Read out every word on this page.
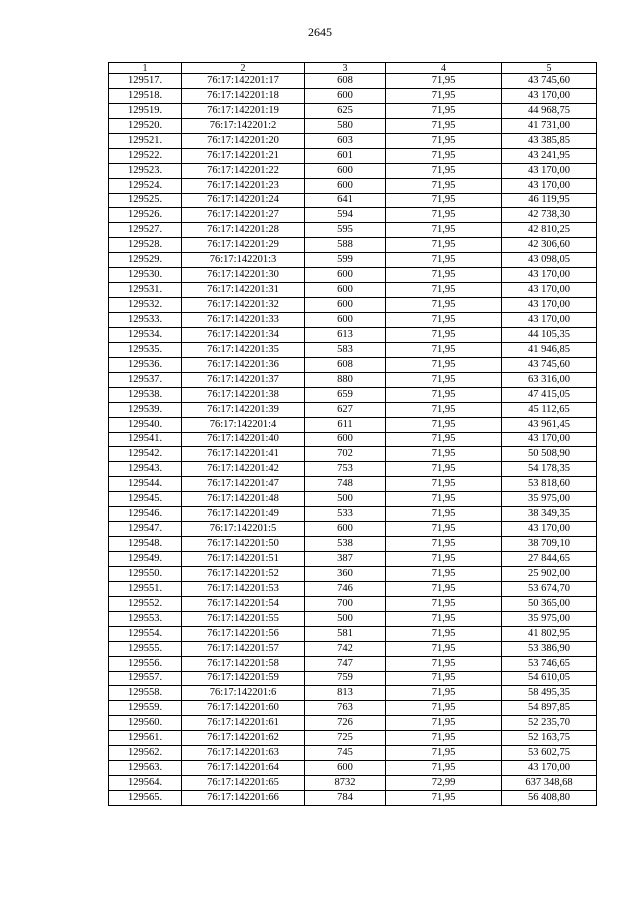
2645
1	2	3	4	5
129517.	76:17:142201:17	608	71,95	43 745,60
129518.	76:17:142201:18	600	71,95	43 170,00
129519.	76:17:142201:19	625	71,95	44 968,75
129520.	76:17:142201:2	580	71,95	41 731,00
129521.	76:17:142201:20	603	71,95	43 385,85
129522.	76:17:142201:21	601	71,95	43 241,95
129523.	76:17:142201:22	600	71,95	43 170,00
129524.	76:17:142201:23	600	71,95	43 170,00
129525.	76:17:142201:24	641	71,95	46 119,95
129526.	76:17:142201:27	594	71,95	42 738,30
129527.	76:17:142201:28	595	71,95	42 810,25
129528.	76:17:142201:29	588	71,95	42 306,60
129529.	76:17:142201:3	599	71,95	43 098,05
129530.	76:17:142201:30	600	71,95	43 170,00
129531.	76:17:142201:31	600	71,95	43 170,00
129532.	76:17:142201:32	600	71,95	43 170,00
129533.	76:17:142201:33	600	71,95	43 170,00
129534.	76:17:142201:34	613	71,95	44 105,35
129535.	76:17:142201:35	583	71,95	41 946,85
129536.	76:17:142201:36	608	71,95	43 745,60
129537.	76:17:142201:37	880	71,95	63 316,00
129538.	76:17:142201:38	659	71,95	47 415,05
129539.	76:17:142201:39	627	71,95	45 112,65
129540.	76:17:142201:4	611	71,95	43 961,45
129541.	76:17:142201:40	600	71,95	43 170,00
129542.	76:17:142201:41	702	71,95	50 508,90
129543.	76:17:142201:42	753	71,95	54 178,35
129544.	76:17:142201:47	748	71,95	53 818,60
129545.	76:17:142201:48	500	71,95	35 975,00
129546.	76:17:142201:49	533	71,95	38 349,35
129547.	76:17:142201:5	600	71,95	43 170,00
129548.	76:17:142201:50	538	71,95	38 709,10
129549.	76:17:142201:51	387	71,95	27 844,65
129550.	76:17:142201:52	360	71,95	25 902,00
129551.	76:17:142201:53	746	71,95	53 674,70
129552.	76:17:142201:54	700	71,95	50 365,00
129553.	76:17:142201:55	500	71,95	35 975,00
129554.	76:17:142201:56	581	71,95	41 802,95
129555.	76:17:142201:57	742	71,95	53 386,90
129556.	76:17:142201:58	747	71,95	53 746,65
129557.	76:17:142201:59	759	71,95	54 610,05
129558.	76:17:142201:6	813	71,95	58 495,35
129559.	76:17:142201:60	763	71,95	54 897,85
129560.	76:17:142201:61	726	71,95	52 235,70
129561.	76:17:142201:62	725	71,95	52 163,75
129562.	76:17:142201:63	745	71,95	53 602,75
129563.	76:17:142201:64	600	71,95	43 170,00
129564.	76:17:142201:65	8732	72,99	637 348,68
129565.	76:17:142201:66	784	71,95	56 408,80
